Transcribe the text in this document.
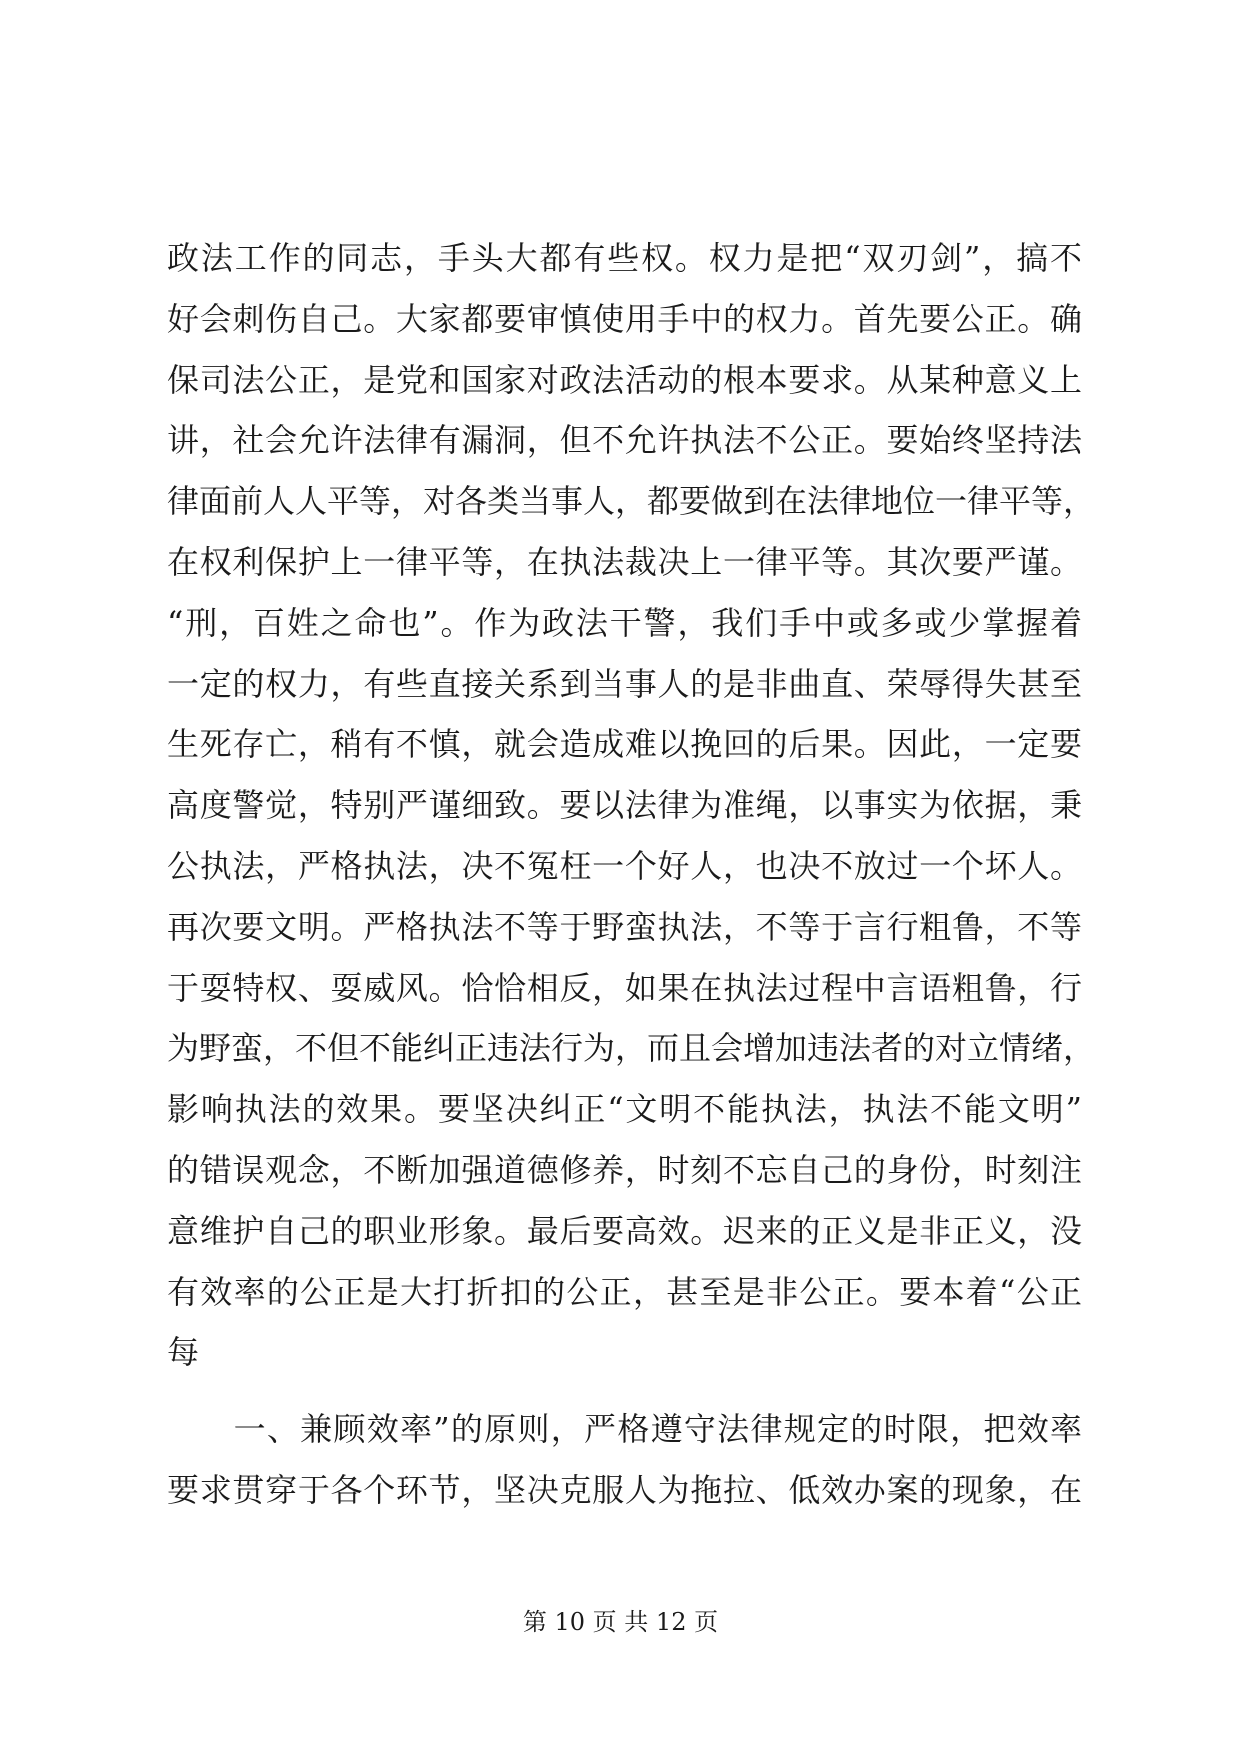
政法工作的同志，手头大都有些权。权力是把“双刃剑”，搞不
好会刺伤自己。大家都要审慎使用手中的权力。首先要公正。确
保司法公正，是党和国家对政法活动的根本要求。从某种意义上
讲，社会允许法律有漏洞，但不允许执法不公正。要始终坚持法
律面前人人平等，对各类当事人，都要做到在法律地位一律平等，
在权利保护上一律平等，在执法裁决上一律平等。其次要严谨。
“刑，百姓之命也”。作为政法干警，我们手中或多或少掌握着
一定的权力，有些直接关系到当事人的是非曲直、荣辱得失甚至
生死存亡，稍有不慎，就会造成难以挽回的后果。因此，一定要
高度警觉，特别严谨细致。要以法律为准绳，以事实为依据，秉
公执法，严格执法，决不冤枉一个好人，也决不放过一个坏人。
再次要文明。严格执法不等于野蛮执法，不等于言行粗鲁，不等
于耍特权、耍威风。恰恰相反，如果在执法过程中言语粗鲁，行
为野蛮，不但不能纠正违法行为，而且会增加违法者的对立情绪，
影响执法的效果。要坚决纠正“文明不能执法，执法不能文明”
的错误观念，不断加强道德修养，时刻不忘自己的身份，时刻注
意维护自己的职业形象。最后要高效。迟来的正义是非正义，没
有效率的公正是大打折扣的公正，甚至是非公正。要本着“公正
每
　　一、兼顾效率”的原则，严格遵守法律规定的时限，把效率
要求贯穿于各个环节，坚决克服人为拖拉、低效办案的现象，在
第 10 页 共 12 页
